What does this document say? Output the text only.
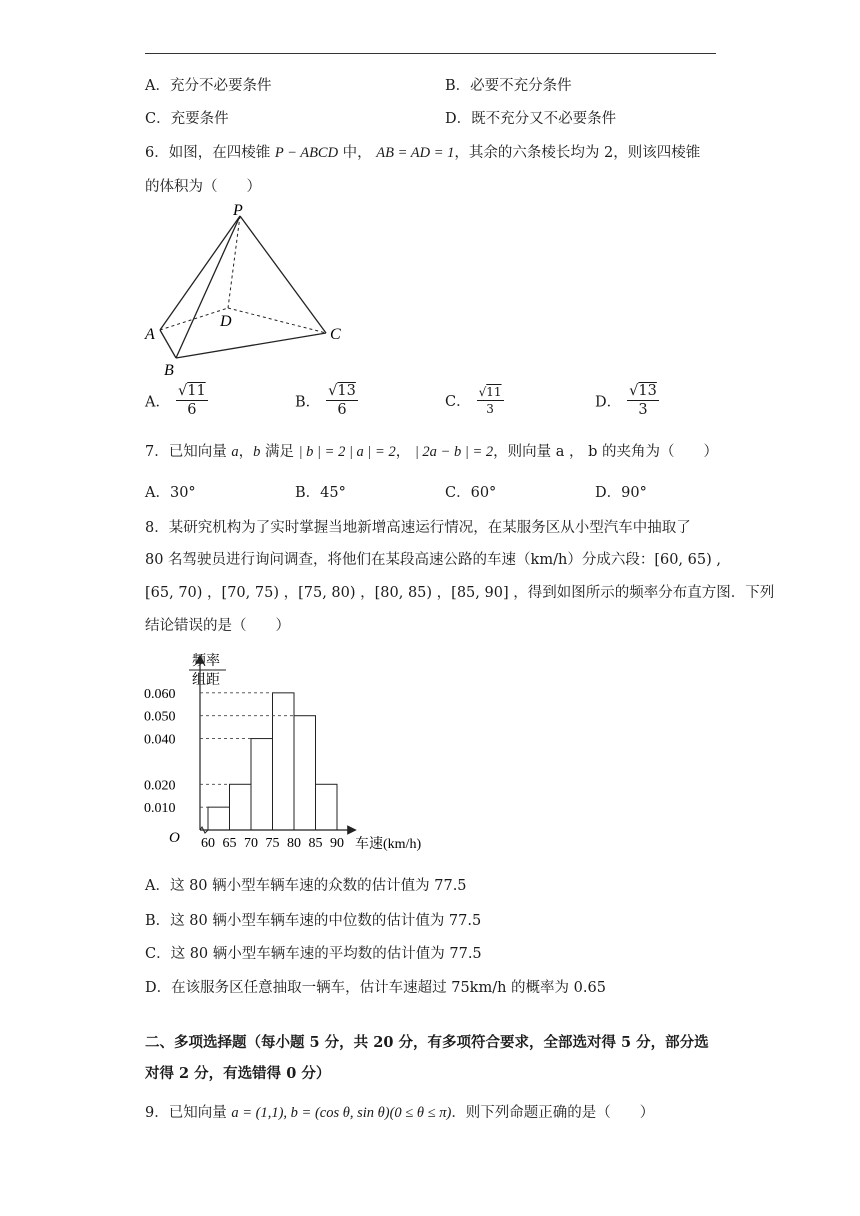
A．充分不必要条件	B．必要不充分条件
C．充要条件	D．既不充分又不必要条件
6．如图，在四棱锥 P − ABCD 中， AB = AD = 1，其余的六条棱长均为 2，则该四棱锥
的体积为（　　）
P
A
B
C
D
A． $\frac{√11}{6}$	B． $\frac{√13}{6}$	C． $\frac{√11}{3}$	D． $\frac{√13}{3}$
7．已知向量 a，b 满足 | b | = 2 | a | = 2， | 2a − b | = 2，则向量 a ， b 的夹角为（　　）
A．30°	B．45°	C．60°	D．90°
8．某研究机构为了实时掌握当地新增高速运行情况，在某服务区从小型汽车中抽取了
80 名驾驶员进行询问调查，将他们在某段高速公路的车速（km/h）分成六段：[60, 65) ,
[65, 70) ，[70, 75) ，[75, 80) ，[80, 85) ，[85, 90] ，得到如图所示的频率分布直方图．下列
结论错误的是（　　）
频率
组距
O	车速(km/h)
0.060
0.050
0.040
0.020
0.010
60 65 70 75 80 85 90
A．这 80 辆小型车辆车速的众数的估计值为 77.5
B．这 80 辆小型车辆车速的中位数的估计值为 77.5
C．这 80 辆小型车辆车速的平均数的估计值为 77.5
D．在该服务区任意抽取一辆车，估计车速超过 75km/h 的概率为 0.65
二、多项选择题（每小题 5 分，共 20 分，有多项符合要求，全部选对得 5 分，部分选
对得 2 分，有选错得 0 分）
9．已知向量 a = (1,1), b = (cos θ, sin θ)(0 ≤ θ ≤ π)．则下列命题正确的是（　　）
